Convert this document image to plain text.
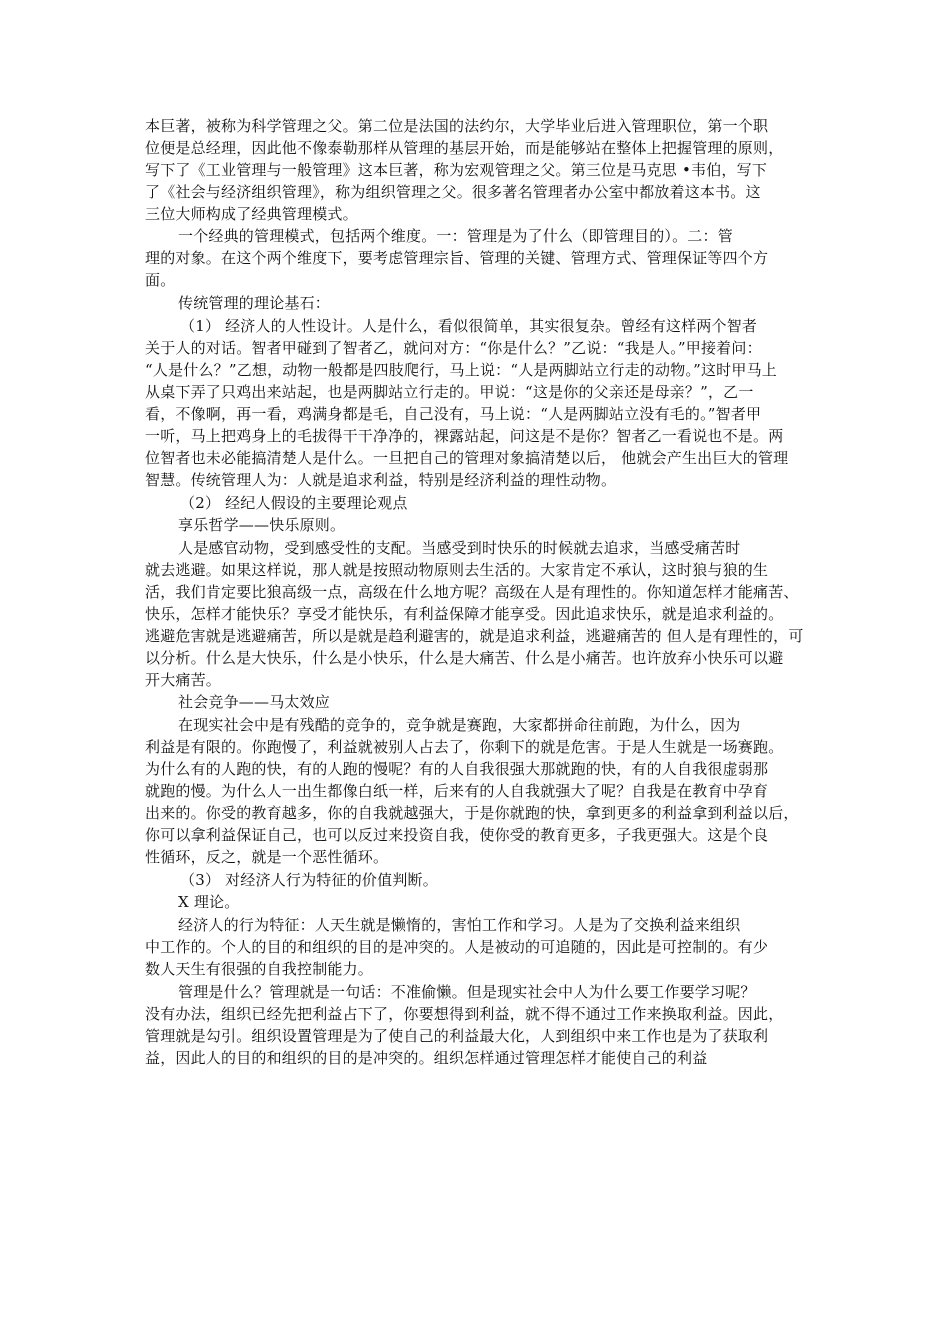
本巨著，被称为科学管理之父。第二位是法国的法约尔，大学毕业后进入管理职位，第一个职
位便是总经理，因此他不像泰勒那样从管理的基层开始，而是能够站在整体上把握管理的原则，
写下了《工业管理与一般管理》这本巨著，称为宏观管理之父。第三位是马克思 •韦伯，写下
了《社会与经济组织管理》，称为组织管理之父。很多著名管理者办公室中都放着这本书。这
三位大师构成了经典管理模式。
一个经典的管理模式，包括两个维度。一：管理是为了什么（即管理目的）。二：管
理的对象。在这个两个维度下，要考虑管理宗旨、管理的关键、管理方式、管理保证等四个方
面。
传统管理的理论基石：
（1） 经济人的人性设计。人是什么，看似很简单，其实很复杂。曾经有这样两个智者
关于人的对话。智者甲碰到了智者乙，就问对方：“你是什么？”乙说：“我是人。”甲接着问：
“人是什么？”乙想，动物一般都是四肢爬行，马上说：“人是两脚站立行走的动物。”这时甲马上
从桌下弄了只鸡出来站起，也是两脚站立行走的。甲说：“这是你的父亲还是母亲？”，乙一
看，不像啊，再一看，鸡满身都是毛，自己没有，马上说：“人是两脚站立没有毛的。”智者甲
一听，马上把鸡身上的毛拔得干干净净的，裸露站起，问这是不是你？智者乙一看说也不是。两
位智者也未必能搞清楚人是什么。一旦把自己的管理对象搞清楚以后， 他就会产生出巨大的管理
智慧。传统管理人为：人就是追求利益，特别是经济利益的理性动物。
（2） 经纪人假设的主要理论观点
享乐哲学——快乐原则。
人是感官动物，受到感受性的支配。当感受到时快乐的时候就去追求，当感受痛苦时
就去逃避。如果这样说，那人就是按照动物原则去生活的。大家肯定不承认，这时狼与狼的生
活，我们肯定要比狼高级一点，高级在什么地方呢？高级在人是有理性的。你知道怎样才能痛苦、
快乐，怎样才能快乐？享受才能快乐，有利益保障才能享受。因此追求快乐，就是追求利益的。
逃避危害就是逃避痛苦，所以是就是趋利避害的，就是追求利益，逃避痛苦的 但人是有理性的，可
以分析。什么是大快乐，什么是小快乐，什么是大痛苦、什么是小痛苦。也许放弃小快乐可以避
开大痛苦。
社会竞争——马太效应
在现实社会中是有残酷的竞争的，竞争就是赛跑，大家都拼命往前跑，为什么，因为
利益是有限的。你跑慢了，利益就被别人占去了，你剩下的就是危害。于是人生就是一场赛跑。
为什么有的人跑的快，有的人跑的慢呢？有的人自我很强大那就跑的快，有的人自我很虚弱那
就跑的慢。为什么人一出生都像白纸一样，后来有的人自我就强大了呢？自我是在教育中孕育
出来的。你受的教育越多，你的自我就越强大，于是你就跑的快，拿到更多的利益拿到利益以后，
你可以拿利益保证自己，也可以反过来投资自我，使你受的教育更多，子我更强大。这是个良
性循环，反之，就是一个恶性循环。
（3） 对经济人行为特征的价值判断。
X 理论。
经济人的行为特征：人天生就是懒惰的，害怕工作和学习。人是为了交换利益来组织
中工作的。个人的目的和组织的目的是冲突的。人是被动的可追随的，因此是可控制的。有少
数人天生有很强的自我控制能力。
管理是什么？管理就是一句话：不准偷懒。但是现实社会中人为什么要工作要学习呢？
没有办法，组织已经先把利益占下了，你要想得到利益，就不得不通过工作来换取利益。因此，
管理就是勾引。组织设置管理是为了使自己的利益最大化，人到组织中来工作也是为了获取利
益，因此人的目的和组织的目的是冲突的。组织怎样通过管理怎样才能使自己的利益
